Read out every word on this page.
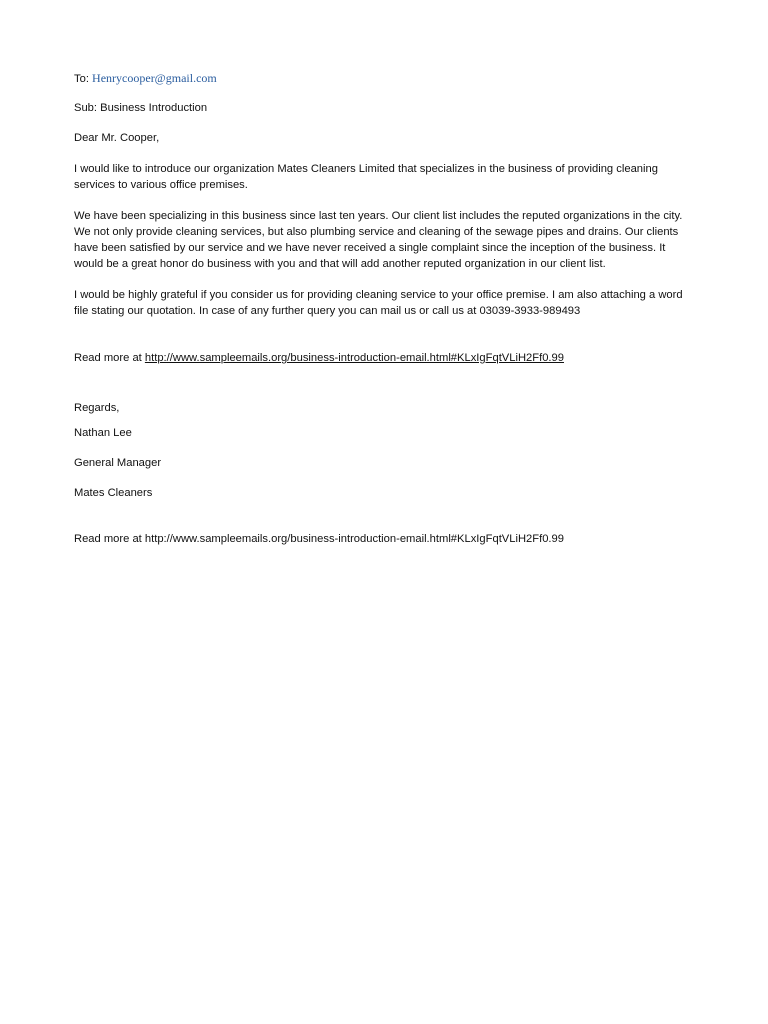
To: Henrycooper@gmail.com

Sub: Business Introduction

Dear Mr. Cooper,

I would like to introduce our organization Mates Cleaners Limited that specializes in the business of providing cleaning services to various office premises.

We have been specializing in this business since last ten years. Our client list includes the reputed organizations in the city. We not only provide cleaning services, but also plumbing service and cleaning of the sewage pipes and drains. Our clients have been satisfied by our service and we have never received a single complaint since the inception of the business. It would be a great honor do business with you and that will add another reputed organization in our client list.

I would be highly grateful if you consider us for providing cleaning service to your office premise. I am also attaching a word file stating our quotation. In case of any further query you can mail us or call us at 03039-3933-989493

Read more at http://www.sampleemails.org/business-introduction-email.html#KLxIgFqtVLiH2Ff0.99

Regards,

Nathan Lee

General Manager

Mates Cleaners

Read more at http://www.sampleemails.org/business-introduction-email.html#KLxIgFqtVLiH2Ff0.99
